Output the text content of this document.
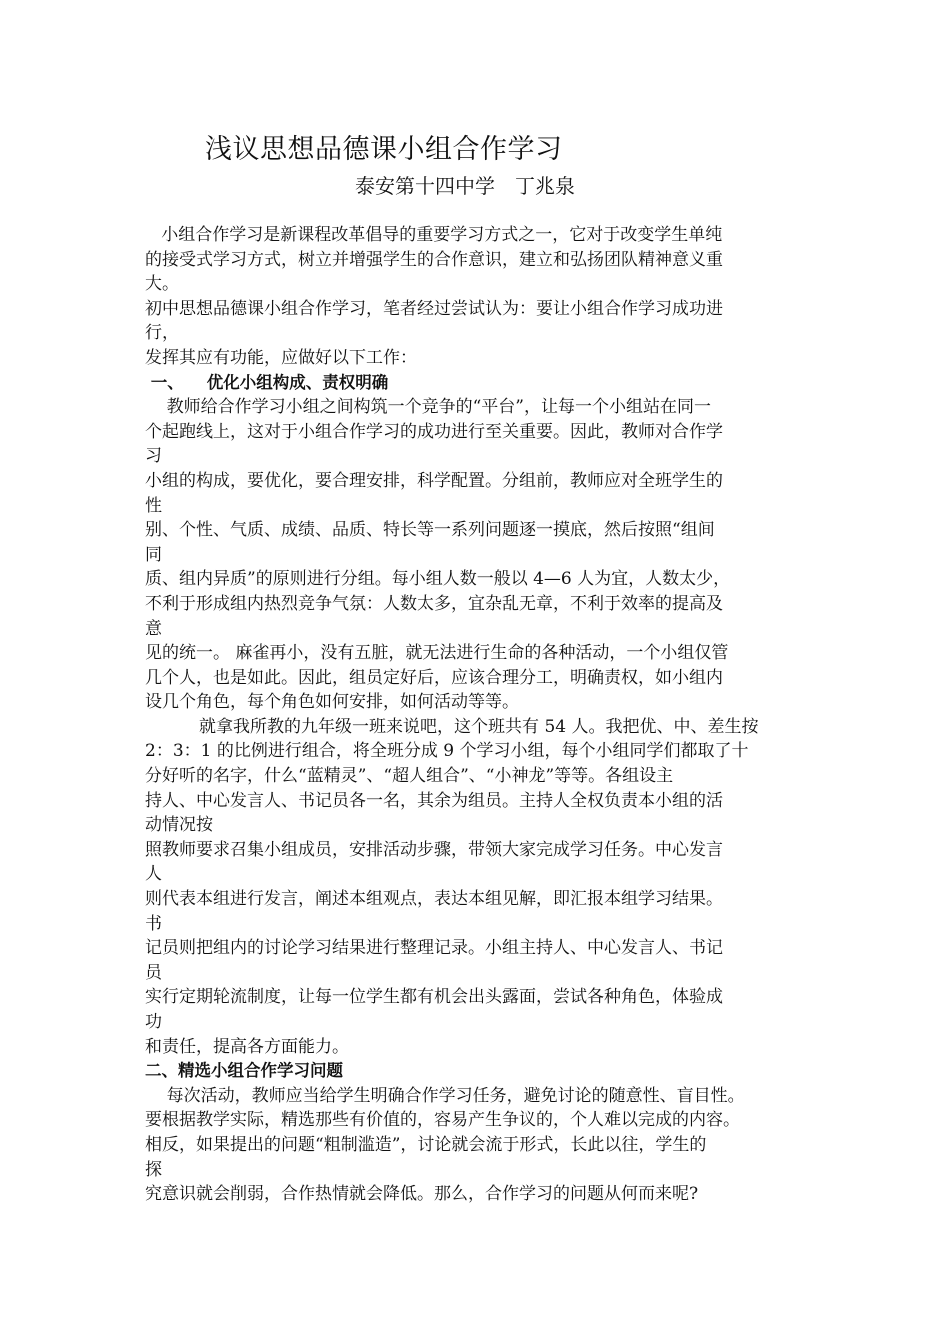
浅议思想品德课小组合作学习
泰安第十四中学　丁兆泉
小组合作学习是新课程改革倡导的重要学习方式之一，它对于改变学生单纯
的接受式学习方式，树立并增强学生的合作意识，建立和弘扬团队精神意义重
大。
初中思想品德课小组合作学习，笔者经过尝试认为：要让小组合作学习成功进
行，
发挥其应有功能，应做好以下工作：
一、    优化小组构成、责权明确
教师给合作学习小组之间构筑一个竞争的“平台”，让每一个小组站在同一
个起跑线上，这对于小组合作学习的成功进行至关重要。因此，教师对合作学
习
小组的构成，要优化，要合理安排，科学配置。分组前，教师应对全班学生的
性
别、个性、气质、成绩、品质、特长等一系列问题逐一摸底，然后按照“组间
同
质、组内异质”的原则进行分组。每小组人数一般以 4—6 人为宜，人数太少，
不利于形成组内热烈竞争气氛：人数太多，宜杂乱无章，不利于效率的提高及
意
见的统一。 麻雀再小，没有五脏，就无法进行生命的各种活动，一个小组仅管
几个人，也是如此。因此，组员定好后，应该合理分工，明确责权，如小组内
设几个角色，每个角色如何安排，如何活动等等。
就拿我所教的九年级一班来说吧，这个班共有 54 人。我把优、中、差生按
2：3：1 的比例进行组合，将全班分成 9 个学习小组，每个小组同学们都取了十
分好听的名字，什么“蓝精灵”、“超人组合”、“小神龙”等等。各组设主
持人、中心发言人、书记员各一名，其余为组员。主持人全权负责本小组的活
动情况按
照教师要求召集小组成员，安排活动步骤，带领大家完成学习任务。中心发言
人
则代表本组进行发言，阐述本组观点，表达本组见解，即汇报本组学习结果。
书
记员则把组内的讨论学习结果进行整理记录。小组主持人、中心发言人、书记
员
实行定期轮流制度，让每一位学生都有机会出头露面，尝试各种角色，体验成
功
和责任，提高各方面能力。
二、精选小组合作学习问题
每次活动，教师应当给学生明确合作学习任务，避免讨论的随意性、盲目性。
要根据教学实际，精选那些有价值的，容易产生争议的，个人难以完成的内容。
相反，如果提出的问题“粗制滥造”，讨论就会流于形式，长此以往，学生的
探
究意识就会削弱，合作热情就会降低。那么，合作学习的问题从何而来呢?
